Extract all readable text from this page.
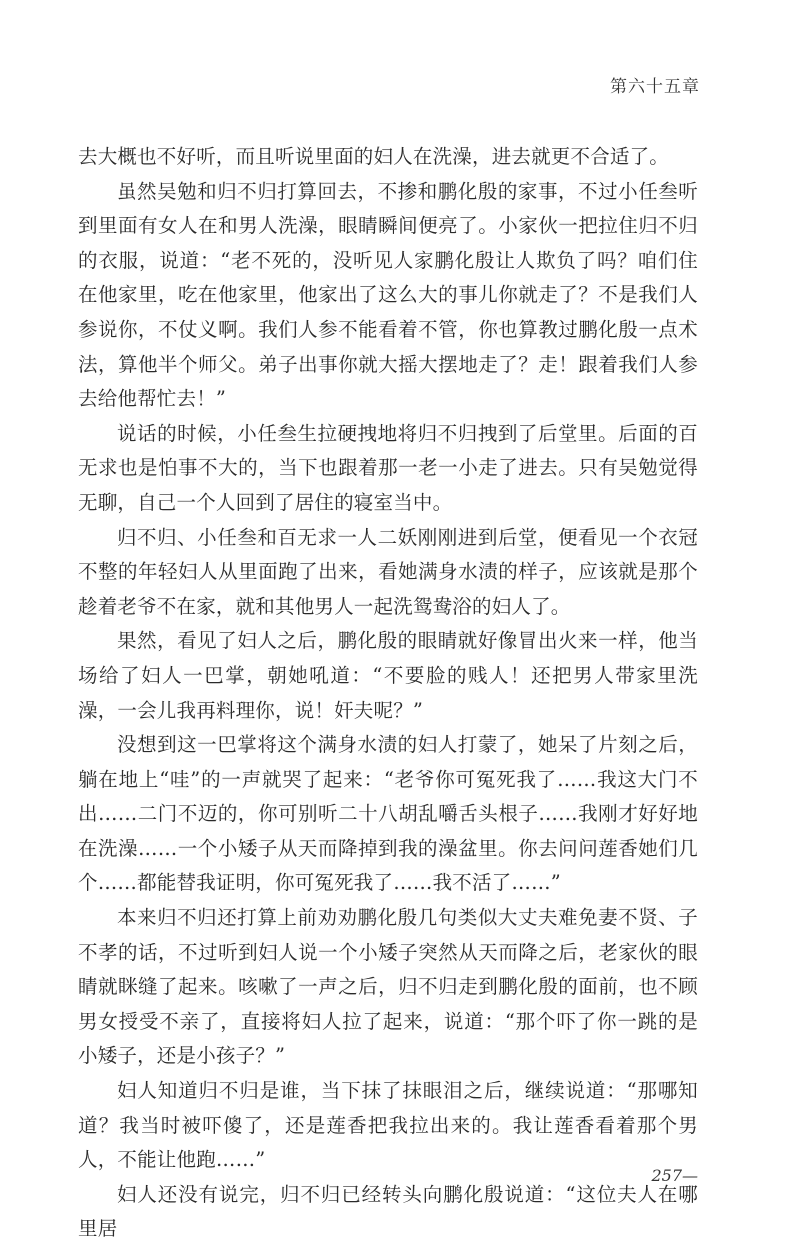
第六十五章

去大概也不好听，而且听说里面的妇人在洗澡，进去就更不合适了。

虽然吴勉和归不归打算回去，不掺和鹏化殷的家事，不过小任叁听到里面有女人在和男人洗澡，眼睛瞬间便亮了。小家伙一把拉住归不归的衣服，说道：“老不死的，没听见人家鹏化殷让人欺负了吗？咱们住在他家里，吃在他家里，他家出了这么大的事儿你就走了？不是我们人参说你，不仗义啊。我们人参不能看着不管，你也算教过鹏化殷一点术法，算他半个师父。弟子出事你就大摇大摆地走了？走！跟着我们人参去给他帮忙去！”

说话的时候，小任叁生拉硬拽地将归不归拽到了后堂里。后面的百无求也是怕事不大的，当下也跟着那一老一小走了进去。只有吴勉觉得无聊，自己一个人回到了居住的寝室当中。

归不归、小任叁和百无求一人二妖刚刚进到后堂，便看见一个衣冠不整的年轻妇人从里面跑了出来，看她满身水渍的样子，应该就是那个趁着老爷不在家，就和其他男人一起洗鸳鸯浴的妇人了。

果然，看见了妇人之后，鹏化殷的眼睛就好像冒出火来一样，他当场给了妇人一巴掌，朝她吼道：“不要脸的贱人！还把男人带家里洗澡，一会儿我再料理你，说！奸夫呢？”

没想到这一巴掌将这个满身水渍的妇人打蒙了，她呆了片刻之后，躺在地上“哇”的一声就哭了起来：“老爷你可冤死我了……我这大门不出……二门不迈的，你可别听二十八胡乱嚼舌头根子……我刚才好好地在洗澡……一个小矮子从天而降掉到我的澡盆里。你去问问莲香她们几个……都能替我证明，你可冤死我了……我不活了……”

本来归不归还打算上前劝劝鹏化殷几句类似大丈夫难免妻不贤、子不孝的话，不过听到妇人说一个小矮子突然从天而降之后，老家伙的眼睛就眯缝了起来。咳嗽了一声之后，归不归走到鹏化殷的面前，也不顾男女授受不亲了，直接将妇人拉了起来，说道：“那个吓了你一跳的是小矮子，还是小孩子？”

妇人知道归不归是谁，当下抹了抹眼泪之后，继续说道：“那哪知道？我当时被吓傻了，还是莲香把我拉出来的。我让莲香看着那个男人，不能让他跑……”

妇人还没有说完，归不归已经转头向鹏化殷说道：“这位夫人在哪里居

257—
